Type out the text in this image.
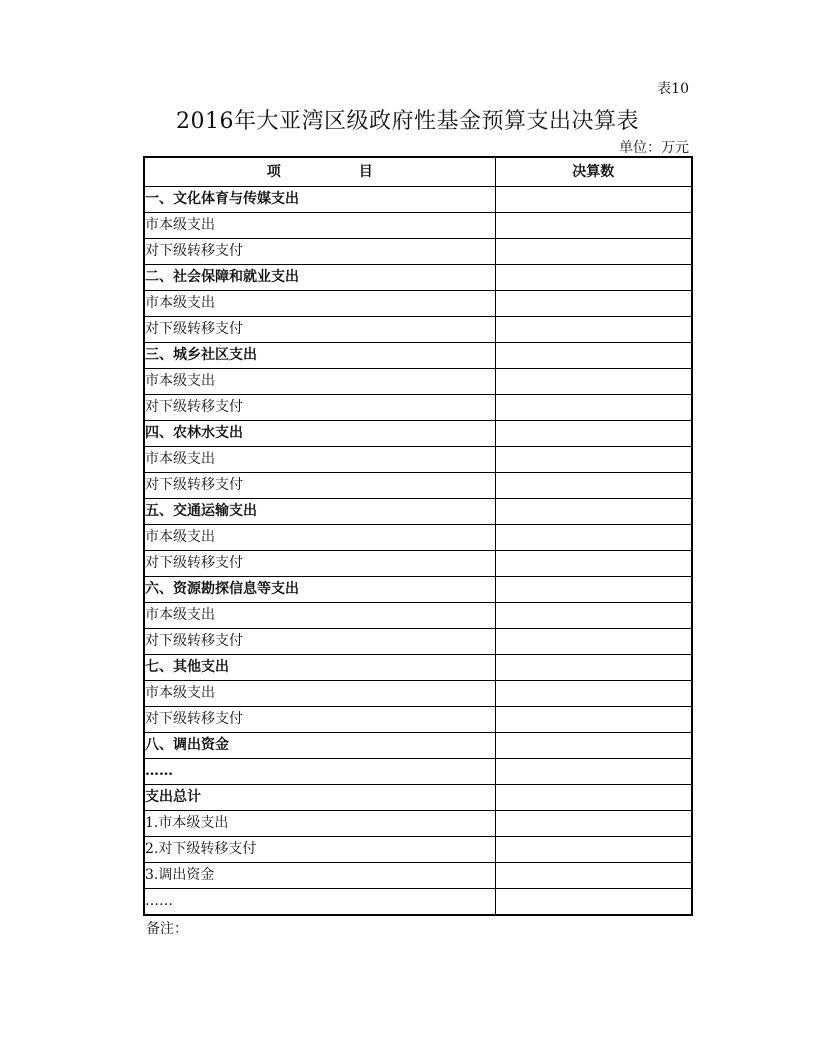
表10
2016年大亚湾区级政府性基金预算支出决算表
单位：万元
项 目	决算数
一、文化体育与传媒支出	
市本级支出	
对下级转移支付	
二、社会保障和就业支出	
市本级支出	
对下级转移支付	
三、城乡社区支出	
市本级支出	
对下级转移支付	
四、农林水支出	
市本级支出	
对下级转移支付	
五、交通运输支出	
市本级支出	
对下级转移支付	
六、资源勘探信息等支出	
市本级支出	
对下级转移支付	
七、其他支出	
市本级支出	
对下级转移支付	
八、调出资金	
……	
支出总计	
1.市本级支出	
2.对下级转移支付	
3.调出资金	
……	
备注：
